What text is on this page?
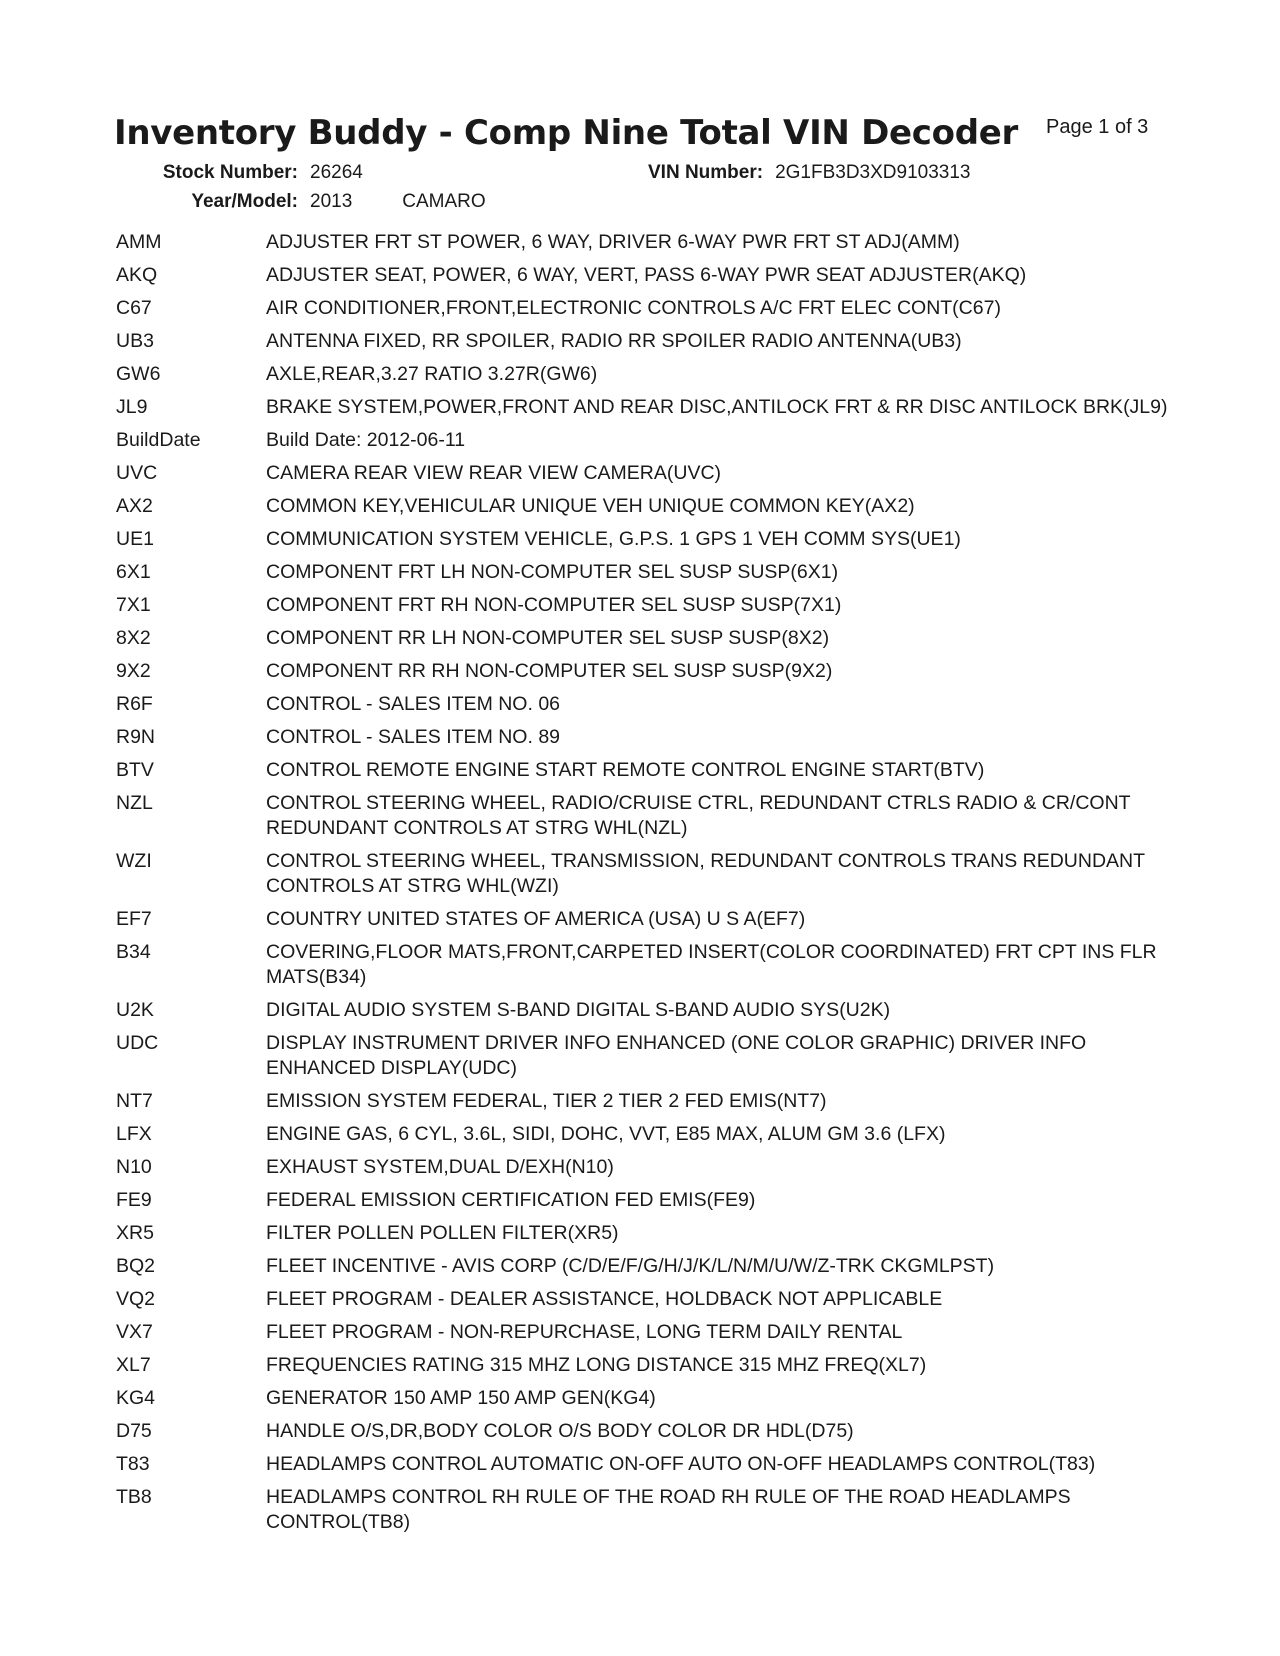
Inventory Buddy - Comp Nine Total VIN Decoder Page 1 of 3
Stock Number: 26264	VIN Number: 2G1FB3D3XD9103313
Year/Model: 2013	CAMARO
AMM	ADJUSTER FRT ST POWER, 6 WAY, DRIVER 6-WAY PWR FRT ST ADJ(AMM)
AKQ	ADJUSTER SEAT, POWER, 6 WAY, VERT, PASS 6-WAY PWR SEAT ADJUSTER(AKQ)
C67	AIR CONDITIONER,FRONT,ELECTRONIC CONTROLS A/C FRT ELEC CONT(C67)
UB3	ANTENNA FIXED, RR SPOILER, RADIO RR SPOILER RADIO ANTENNA(UB3)
GW6	AXLE,REAR,3.27 RATIO 3.27R(GW6)
JL9	BRAKE SYSTEM,POWER,FRONT AND REAR DISC,ANTILOCK FRT & RR DISC ANTILOCK BRK(JL9)
BuildDate	Build Date: 2012-06-11
UVC	CAMERA REAR VIEW REAR VIEW CAMERA(UVC)
AX2	COMMON KEY,VEHICULAR UNIQUE VEH UNIQUE COMMON KEY(AX2)
UE1	COMMUNICATION SYSTEM VEHICLE, G.P.S. 1 GPS 1 VEH COMM SYS(UE1)
6X1	COMPONENT FRT LH NON-COMPUTER SEL SUSP SUSP(6X1)
7X1	COMPONENT FRT RH NON-COMPUTER SEL SUSP SUSP(7X1)
8X2	COMPONENT RR LH NON-COMPUTER SEL SUSP SUSP(8X2)
9X2	COMPONENT RR RH NON-COMPUTER SEL SUSP SUSP(9X2)
R6F	CONTROL - SALES ITEM NO. 06
R9N	CONTROL - SALES ITEM NO. 89
BTV	CONTROL REMOTE ENGINE START REMOTE CONTROL ENGINE START(BTV)
NZL	CONTROL STEERING WHEEL, RADIO/CRUISE CTRL, REDUNDANT CTRLS RADIO & CR/CONT REDUNDANT CONTROLS AT STRG WHL(NZL)
WZI	CONTROL STEERING WHEEL, TRANSMISSION, REDUNDANT CONTROLS TRANS REDUNDANT CONTROLS AT STRG WHL(WZI)
EF7	COUNTRY UNITED STATES OF AMERICA (USA) U S A(EF7)
B34	COVERING,FLOOR MATS,FRONT,CARPETED INSERT(COLOR COORDINATED) FRT CPT INS FLR MATS(B34)
U2K	DIGITAL AUDIO SYSTEM S-BAND DIGITAL S-BAND AUDIO SYS(U2K)
UDC	DISPLAY INSTRUMENT DRIVER INFO ENHANCED (ONE COLOR GRAPHIC) DRIVER INFO ENHANCED DISPLAY(UDC)
NT7	EMISSION SYSTEM FEDERAL, TIER 2 TIER 2 FED EMIS(NT7)
LFX	ENGINE GAS, 6 CYL, 3.6L, SIDI, DOHC, VVT, E85 MAX, ALUM GM 3.6 (LFX)
N10	EXHAUST SYSTEM,DUAL D/EXH(N10)
FE9	FEDERAL EMISSION CERTIFICATION FED EMIS(FE9)
XR5	FILTER POLLEN POLLEN FILTER(XR5)
BQ2	FLEET INCENTIVE - AVIS CORP (C/D/E/F/G/H/J/K/L/N/M/U/W/Z-TRK CKGMLPST)
VQ2	FLEET PROGRAM - DEALER ASSISTANCE, HOLDBACK NOT APPLICABLE
VX7	FLEET PROGRAM - NON-REPURCHASE, LONG TERM DAILY RENTAL
XL7	FREQUENCIES RATING 315 MHZ LONG DISTANCE 315 MHZ FREQ(XL7)
KG4	GENERATOR 150 AMP 150 AMP GEN(KG4)
D75	HANDLE O/S,DR,BODY COLOR O/S BODY COLOR DR HDL(D75)
T83	HEADLAMPS CONTROL AUTOMATIC ON-OFF AUTO ON-OFF HEADLAMPS CONTROL(T83)
TB8	HEADLAMPS CONTROL RH RULE OF THE ROAD RH RULE OF THE ROAD HEADLAMPS CONTROL(TB8)
